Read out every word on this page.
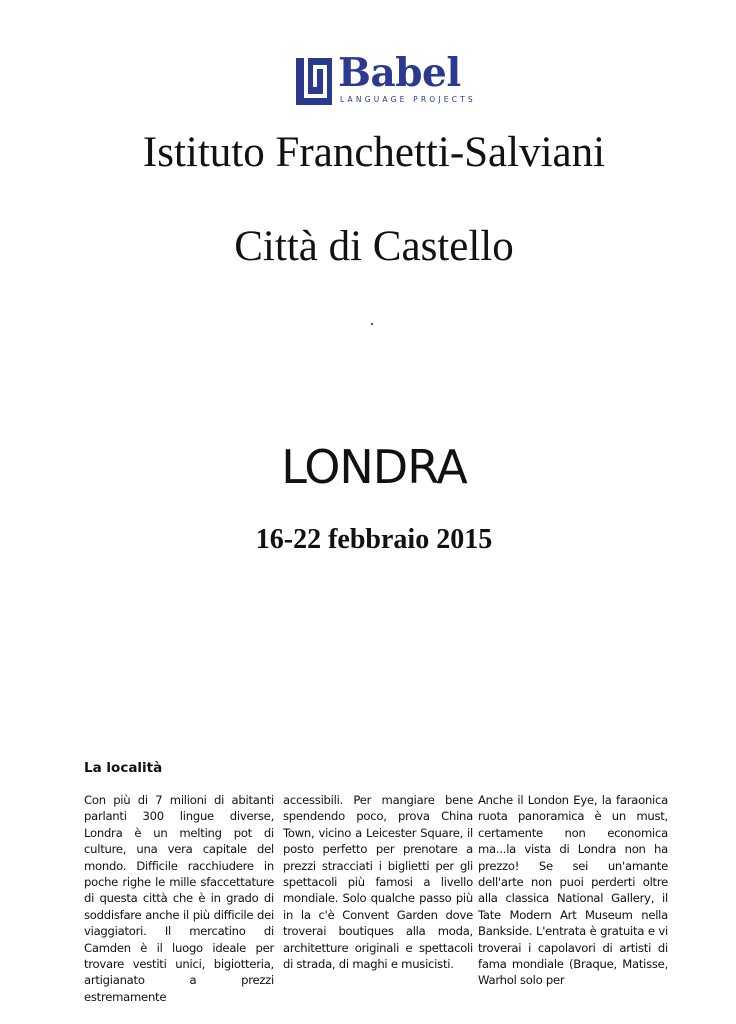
Babel
LANGUAGE PROJECTS
Istituto Franchetti-Salviani
Città di Castello
LONDRA
16-22 febbraio 2015
La località
Con più di 7 milioni di abitanti parlanti 300 lingue diverse, Londra è un melting pot di culture, una vera capitale del mondo. Difficile racchiudere in poche righe le mille sfaccettature di questa città che è in grado di soddisfare anche il più difficile dei viaggiatori. Il mercatino di Camden è il luogo ideale per trovare vestiti unici, bigiotteria, artigianato a prezzi estremamente
accessibili. Per mangiare bene spendendo poco, prova China Town, vicino a Leicester Square, il posto perfetto per prenotare a prezzi stracciati i biglietti per gli spettacoli più famosi a livello mondiale. Solo qualche passo più in la c'è Convent Garden dove troverai boutiques alla moda, architetture originali e spettacoli di strada, di maghi e musicisti.
Anche il London Eye, la faraonica ruota panoramica è un must, certamente non economica ma...la vista di Londra non ha prezzo! Se sei un'amante dell'arte non puoi perderti oltre alla classica National Gallery, il Tate Modern Art Museum nella Bankside. L'entrata è gratuita e vi troverai i capolavori di artisti di fama mondiale (Braque, Matisse, Warhol solo per
